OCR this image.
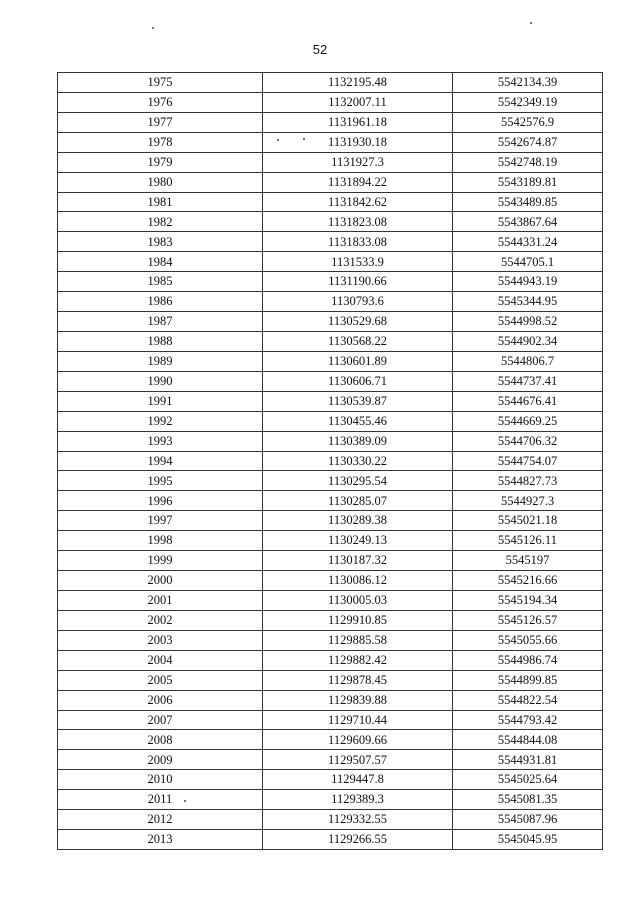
52
1975	1132195.48	5542134.39
1976	1132007.11	5542349.19
1977	1131961.18	5542576.9
1978	1131930.18	5542674.87
1979	1131927.3	5542748.19
1980	1131894.22	5543189.81
1981	1131842.62	5543489.85
1982	1131823.08	5543867.64
1983	1131833.08	5544331.24
1984	1131533.9	5544705.1
1985	1131190.66	5544943.19
1986	1130793.6	5545344.95
1987	1130529.68	5544998.52
1988	1130568.22	5544902.34
1989	1130601.89	5544806.7
1990	1130606.71	5544737.41
1991	1130539.87	5544676.41
1992	1130455.46	5544669.25
1993	1130389.09	5544706.32
1994	1130330.22	5544754.07
1995	1130295.54	5544827.73
1996	1130285.07	5544927.3
1997	1130289.38	5545021.18
1998	1130249.13	5545126.11
1999	1130187.32	5545197
2000	1130086.12	5545216.66
2001	1130005.03	5545194.34
2002	1129910.85	5545126.57
2003	1129885.58	5545055.66
2004	1129882.42	5544986.74
2005	1129878.45	5544899.85
2006	1129839.88	5544822.54
2007	1129710.44	5544793.42
2008	1129609.66	5544844.08
2009	1129507.57	5544931.81
2010	1129447.8	5545025.64
2011	1129389.3	5545081.35
2012	1129332.55	5545087.96
2013	1129266.55	5545045.95
